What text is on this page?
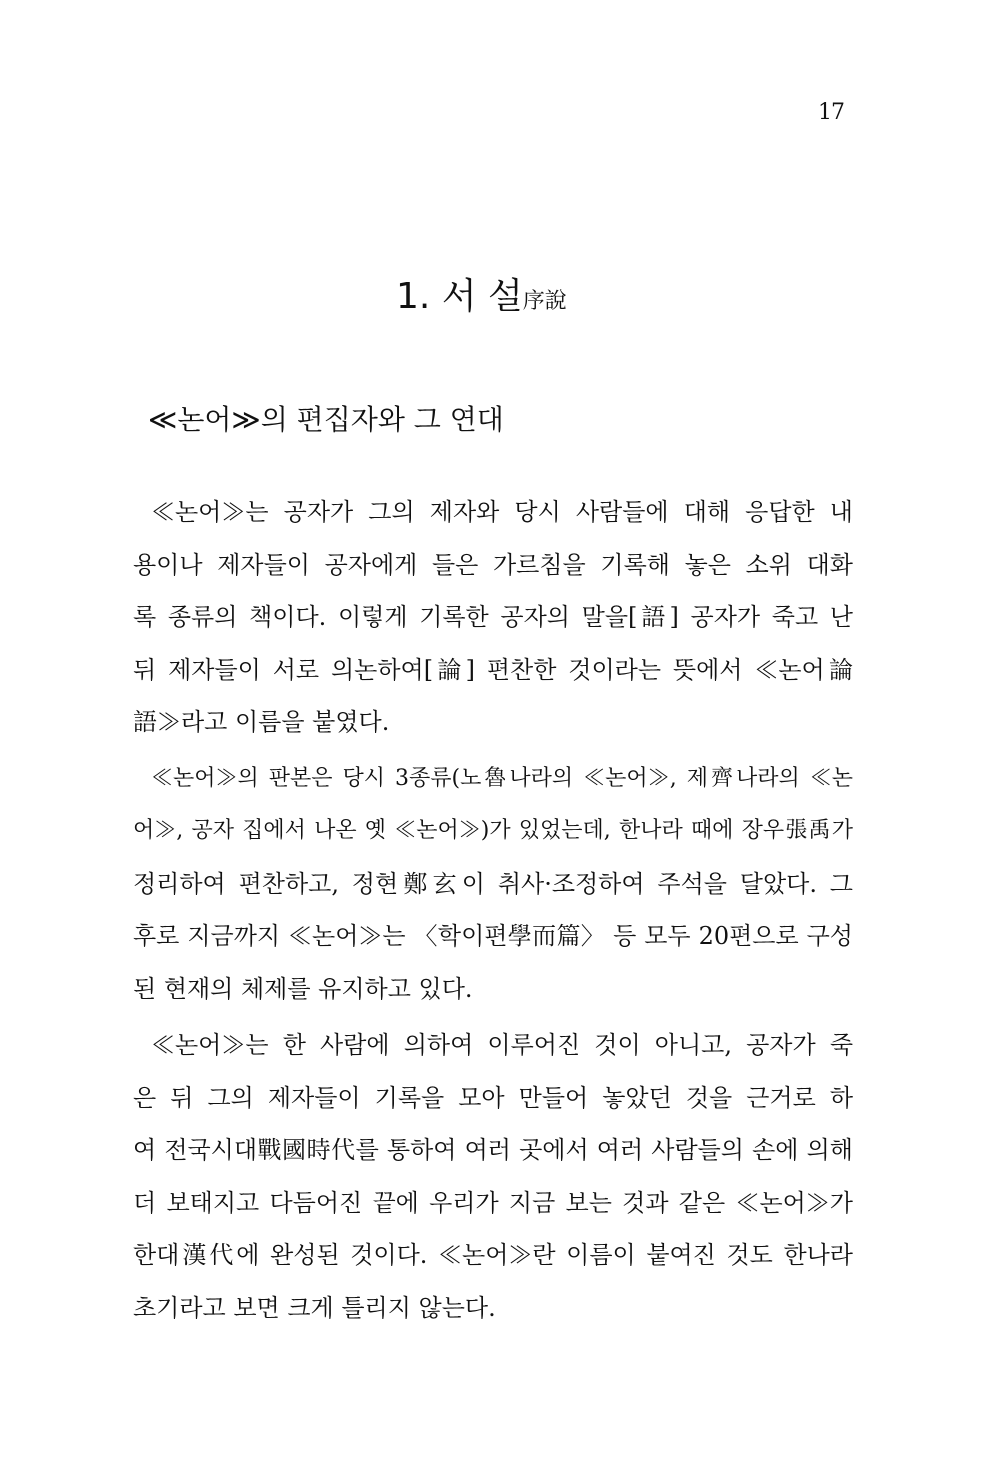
17
1. 서 설序說
≪논어≫의 편집자와 그 연대
≪논어≫는 공자가 그의 제자와 당시 사람들에 대해 응답한 내
용이나 제자들이 공자에게 들은 가르침을 기록해 놓은 소위 대화
록 종류의 책이다. 이렇게 기록한 공자의 말을[語] 공자가 죽고 난
뒤 제자들이 서로 의논하여[論] 편찬한 것이라는 뜻에서 ≪논어論
語≫라고 이름을 붙였다.
≪논어≫의 판본은 당시 3종류(노魯나라의 ≪논어≫, 제齊나라의 ≪논
어≫, 공자 집에서 나온 옛 ≪논어≫)가 있었는데, 한나라 때에 장우張禹가
정리하여 편찬하고, 정현鄭玄이 취사·조정하여 주석을 달았다. 그
후로 지금까지 ≪논어≫는 〈학이편學而篇〉 등 모두 20편으로 구성
된 현재의 체제를 유지하고 있다.
≪논어≫는 한 사람에 의하여 이루어진 것이 아니고, 공자가 죽
은 뒤 그의 제자들이 기록을 모아 만들어 놓았던 것을 근거로 하
여 전국시대戰國時代를 통하여 여러 곳에서 여러 사람들의 손에 의해
더 보태지고 다듬어진 끝에 우리가 지금 보는 것과 같은 ≪논어≫가
한대漢代에 완성된 것이다. ≪논어≫란 이름이 붙여진 것도 한나라
초기라고 보면 크게 틀리지 않는다.
